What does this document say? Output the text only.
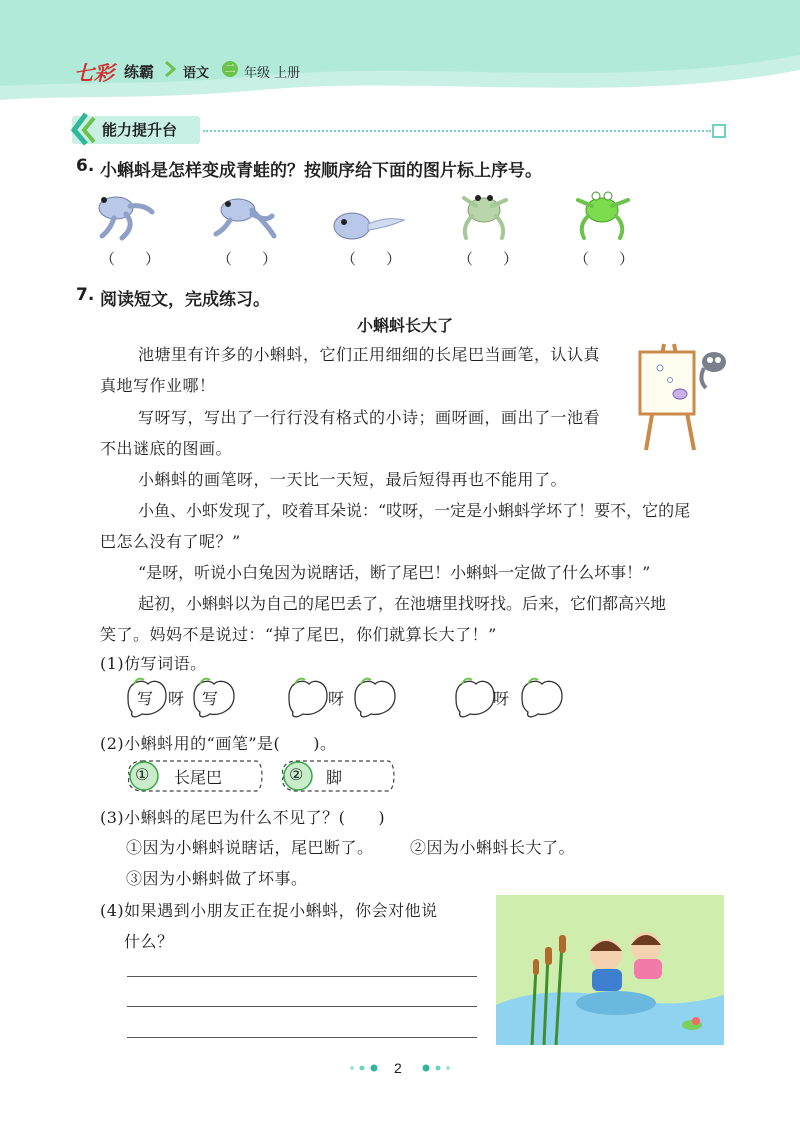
七彩 练霸 语文 二 年级 上册
能力提升台
6. 小蝌蚪是怎样变成青蛙的？按顺序给下面的图片标上序号。
（　　）	（　　）	（　　）	（　　）	（　　）
7. 阅读短文，完成练习。
小蝌蚪长大了
池塘里有许多的小蝌蚪，它们正用细细的长尾巴当画笔，认认真
真地写作业哪！
写呀写，写出了一行行没有格式的小诗；画呀画，画出了一池看
不出谜底的图画。
小蝌蚪的画笔呀，一天比一天短，最后短得再也不能用了。
小鱼、小虾发现了，咬着耳朵说：“哎呀，一定是小蝌蚪学坏了！要不，它的尾
巴怎么没有了呢？”
“是呀，听说小白兔因为说瞎话，断了尾巴！小蝌蚪一定做了什么坏事！”
起初，小蝌蚪以为自己的尾巴丢了，在池塘里找呀找。后来，它们都高兴地
笑了。妈妈不是说过：“掉了尾巴，你们就算长大了！”
(1)仿写词语。
写 呀 写	呀	呀
(2)小蝌蚪用的“画笔”是(　　)。
① 长尾巴	② 脚
(3)小蝌蚪的尾巴为什么不见了？(　　)
①因为小蝌蚪说瞎话，尾巴断了。 ②因为小蝌蚪长大了。
③因为小蝌蚪做了坏事。
(4)如果遇到小朋友正在捉小蝌蚪，你会对他说
什么？
2
